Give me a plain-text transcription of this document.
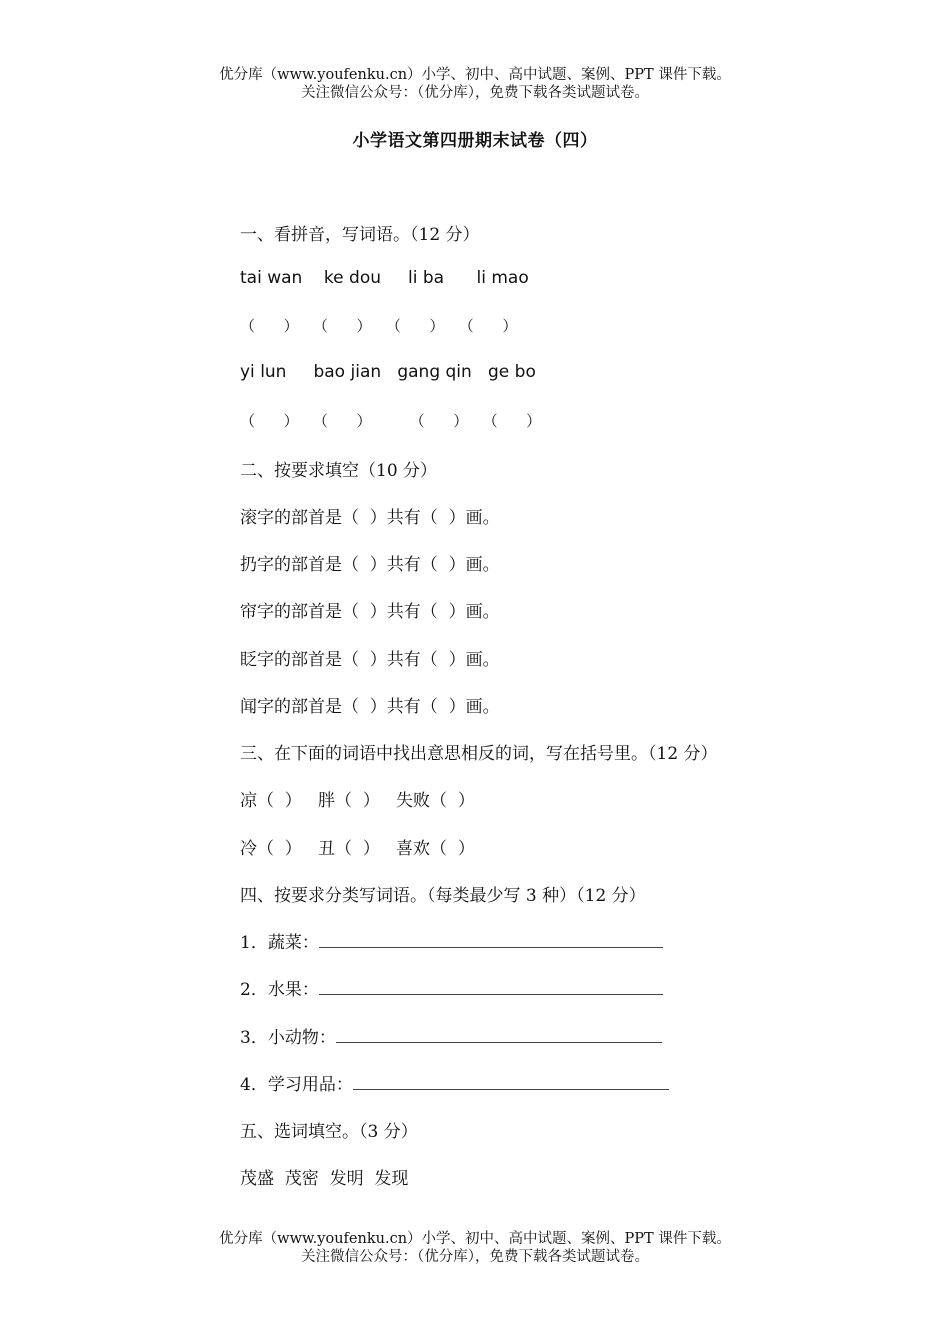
优分库（www.youfenku.cn）小学、初中、高中试题、案例、PPT 课件下载。
关注微信公众号：（优分库），免费下载各类试题试卷。
小学语文第四册期末试卷（四）
一、看拼音，写词语。（12 分）
tai wan    ke dou     li ba      li mao
（      ）   （      ）   （      ）   （      ）
yi lun     bao jian   gang qin   ge bo
（      ）   （      ）        （      ）   （      ）
二、按要求填空（10 分）
滚字的部首是（  ）共有（  ）画。
扔字的部首是（  ）共有（  ）画。
帘字的部首是（  ）共有（  ）画。
眨字的部首是（  ）共有（  ）画。
闻字的部首是（  ）共有（  ）画。
三、在下面的词语中找出意思相反的词，写在括号里。（12 分）
凉（  ）   胖（  ）   失败（  ）
冷（  ）   丑（  ）   喜欢（  ）
四、按要求分类写词语。（每类最少写 3 种）（12 分）
1．蔬菜：
2．水果：
3．小动物：
4．学习用品：
五、选词填空。（3 分）
茂盛  茂密  发明  发现
优分库（www.youfenku.cn）小学、初中、高中试题、案例、PPT 课件下载。
关注微信公众号：（优分库），免费下载各类试题试卷。
